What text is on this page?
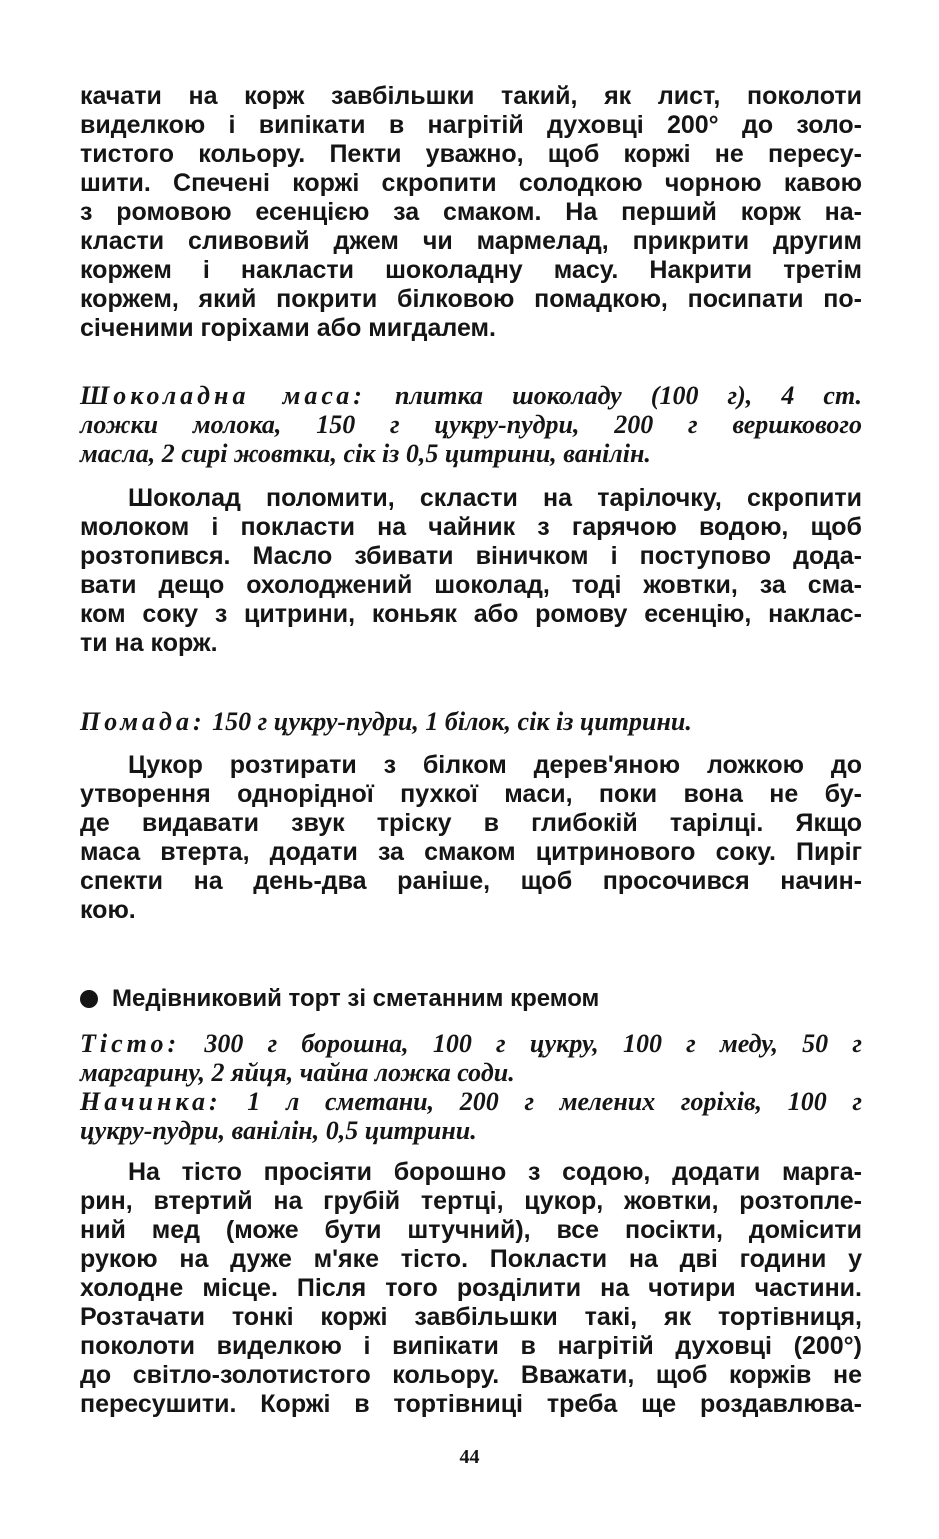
качати на корж завбільшки такий, як лист, поколоти
виделкою і випікати в нагрітій духовці 200° до золо-
тистого кольору. Пекти уважно, щоб коржі не пересу-
шити. Спечені коржі скропити солодкою чорною кавою
з ромовою есенцією за смаком. На перший корж на-
класти сливовий джем чи мармелад, прикрити другим
коржем і накласти шоколадну масу. Накрити третім
коржем, який покрити білковою помадкою, посипати по-
січеними горіхами або мигдалем.
Шоколадна маса: плитка шоколаду (100 г), 4 ст.
ложки молока, 150 г цукру-пудри, 200 г вершкового
масла, 2 сирі жовтки, сік із 0,5 цитрини, ванілін.
Шоколад поломити, скласти на тарілочку, скропити
молоком і покласти на чайник з гарячою водою, щоб
розтопився. Масло збивати віничком і поступово дода-
вати дещо охолоджений шоколад, тоді жовтки, за сма-
ком соку з цитрини, коньяк або ромову есенцію, наклас-
ти на корж.
Помада: 150 г цукру-пудри, 1 білок, сік із цитрини.
Цукор розтирати з білком дерев'яною ложкою до
утворення однорідної пухкої маси, поки вона не бу-
де видавати звук тріску в глибокій тарілці. Якщо
маса втерта, додати за смаком цитринового соку. Пиріг
спекти на день-два раніше, щоб просочився начин-
кою.
Медівниковий торт зі сметанним кремом
Тісто: 300 г борошна, 100 г цукру, 100 г меду, 50 г
маргарину, 2 яйця, чайна ложка соди.
Начинка: 1 л сметани, 200 г мелених горіхів, 100 г
цукру-пудри, ванілін, 0,5 цитрини.
На тісто просіяти борошно з содою, додати марга-
рин, втертий на грубій тертці, цукор, жовтки, розтопле-
ний мед (може бути штучний), все посікти, домісити
рукою на дуже м'яке тісто. Покласти на дві години у
холодне місце. Після того розділити на чотири частини.
Розтачати тонкі коржі завбільшки такі, як тортівниця,
поколоти виделкою і випікати в нагрітій духовці (200°)
до світло-золотистого кольору. Вважати, щоб коржів не
пересушити. Коржі в тортівниці треба ще роздавлюва-
44
